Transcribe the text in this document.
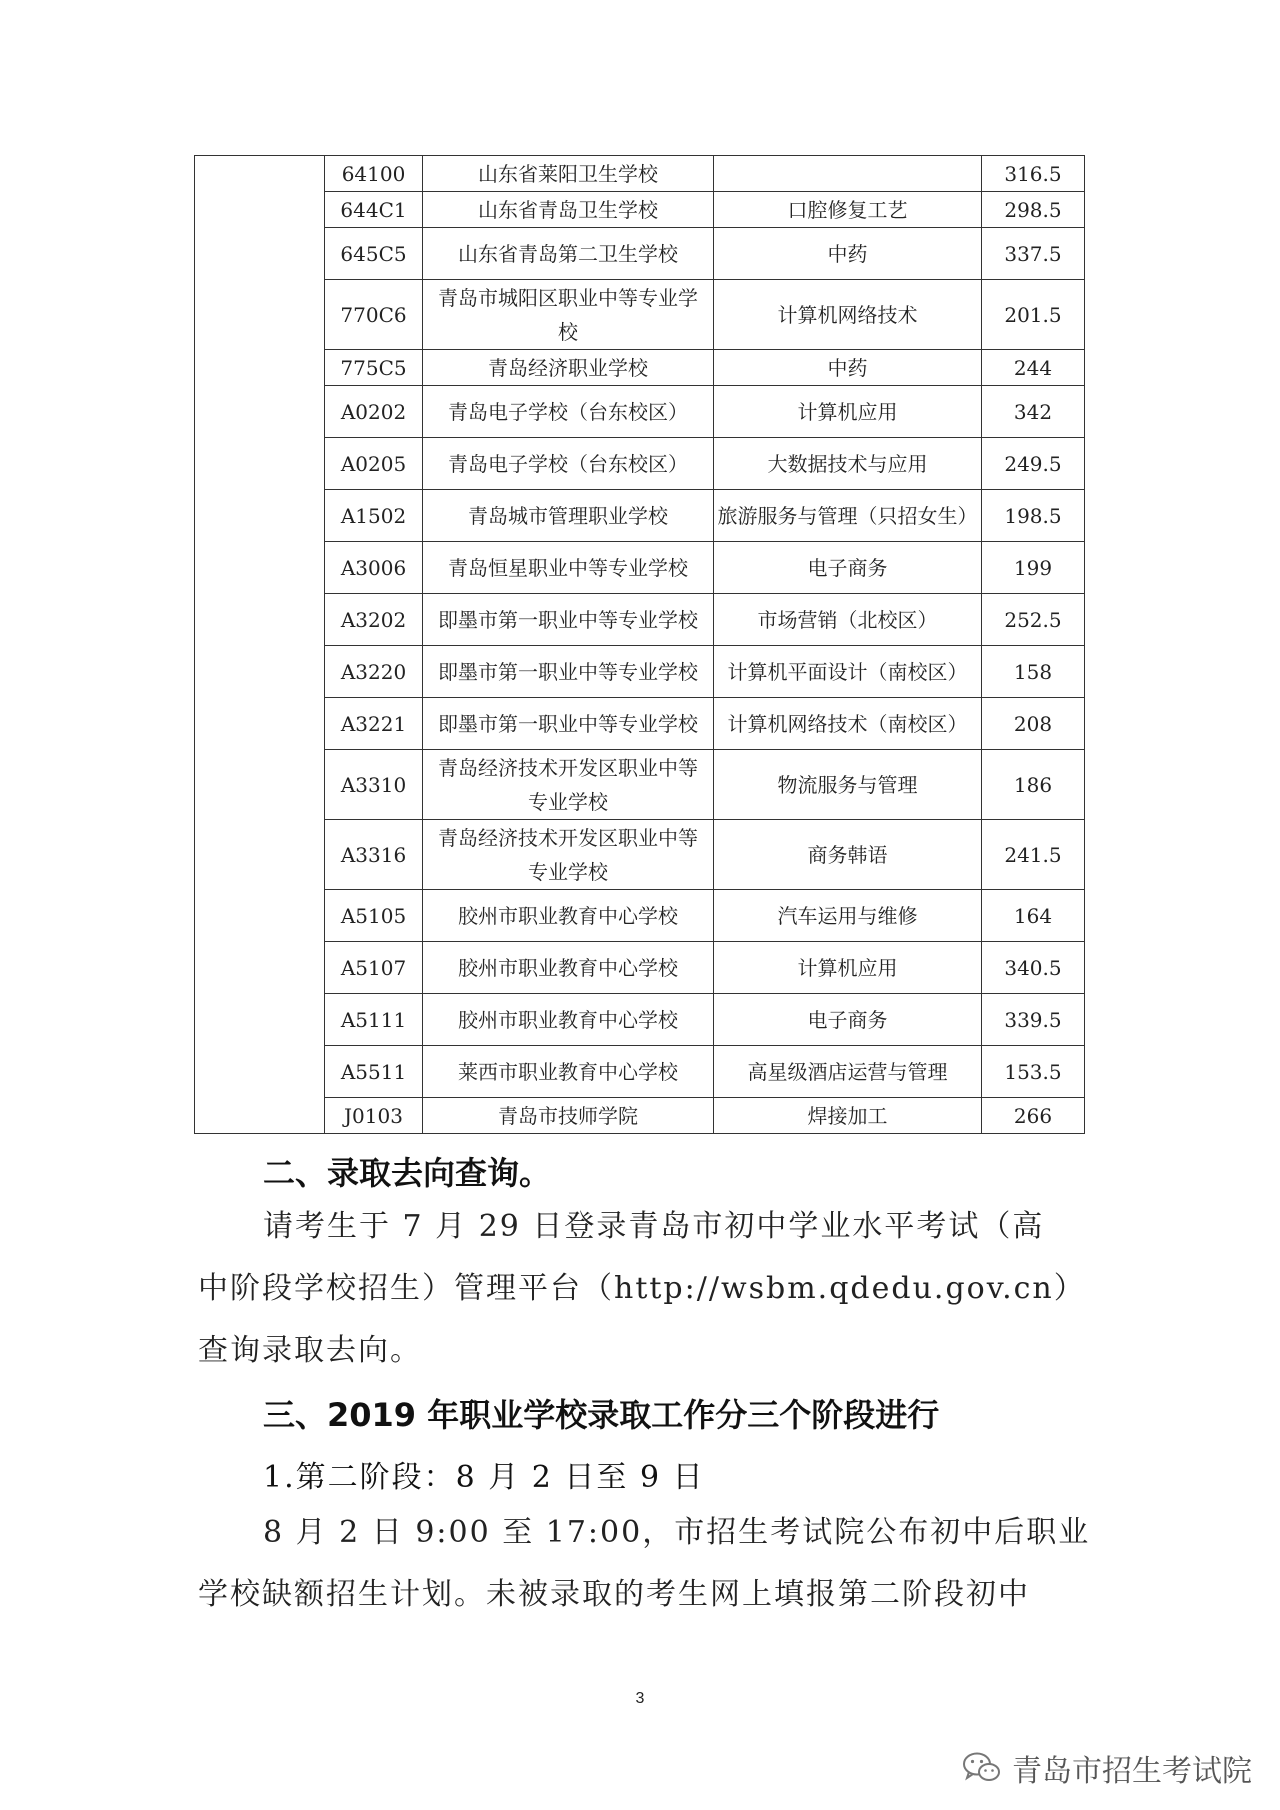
	64100	山东省莱阳卫生学校		316.5
	644C1	山东省青岛卫生学校	口腔修复工艺	298.5
	645C5	山东省青岛第二卫生学校	中药	337.5
	770C6	青岛市城阳区职业中等专业学
校	计算机网络技术	201.5
	775C5	青岛经济职业学校	中药	244
	A0202	青岛电子学校（台东校区）	计算机应用	342
	A0205	青岛电子学校（台东校区）	大数据技术与应用	249.5
	A1502	青岛城市管理职业学校	旅游服务与管理（只招女生）	198.5
	A3006	青岛恒星职业中等专业学校	电子商务	199
	A3202	即墨市第一职业中等专业学校	市场营销（北校区）	252.5
	A3220	即墨市第一职业中等专业学校	计算机平面设计（南校区）	158
	A3221	即墨市第一职业中等专业学校	计算机网络技术（南校区）	208
	A3310	青岛经济技术开发区职业中等
专业学校	物流服务与管理	186
	A3316	青岛经济技术开发区职业中等
专业学校	商务韩语	241.5
	A5105	胶州市职业教育中心学校	汽车运用与维修	164
	A5107	胶州市职业教育中心学校	计算机应用	340.5
	A5111	胶州市职业教育中心学校	电子商务	339.5
	A5511	莱西市职业教育中心学校	高星级酒店运营与管理	153.5
	J0103	青岛市技师学院	焊接加工	266
二、录取去向查询。
请考生于 7 月 29 日登录青岛市初中学业水平考试（高
中阶段学校招生）管理平台（http://wsbm.qdedu.gov.cn）
查询录取去向。
三、2019 年职业学校录取工作分三个阶段进行
1.第二阶段：8 月 2 日至 9 日
8 月 2 日 9:00 至 17:00，市招生考试院公布初中后职业
学校缺额招生计划。未被录取的考生网上填报第二阶段初中
3
青岛市招生考试院
